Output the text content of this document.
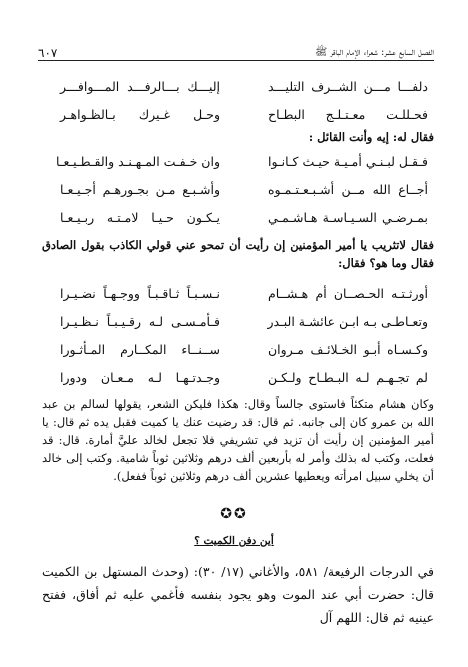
الفصل السابع عشر: شعراء الإمام الباقر ﷺ
٦٠٧
دلفـــا مـــن الشــرف التليـــد
إليـــك بـــالرفـــد المـــوافـــر
فحـللـت معـتـلـج البطـاح
وحـل غـيرك بـالظـواهـر

فقال له: إيه وأنت القائل :

فـقـل لبـنـي أمـيـة حيـث كـانـوا
وان خـفـت المـهـنـد والقـطـيـعـا
أجــاع الله مــن أشـبـعـتـمـوه
وأشـبـع مـن بجـورهـم أجـيـعـا
بمـرضـي السـيـاسـة هـاشـمـي
يـكـون حـيـا لامـتـه ربـيـعـا

فقال لاتثريب يا أمير المؤمنين إن رأيت أن تمحو عني قولي الكاذب بقول الصادق فقال وما هو؟ فقال:

أورثـتـه الحـصــان أم هـشــام
نـسـبـاً ثـاقـبـاً ووجـهـاً نضـيـرا
وتعـاطـى بـه ابـن عائشـة البـدر
فـأمـسـى لـه رقـيـبـاً نـظـيـرا
وكـسـاه أبـو الخـلائـف مـروان
ســنــاء المكــارم المـأثـورا
لم تجـهـم لـه البـطـاح ولـكـن
وجـدتـهـا لـه مـعـان ودورا

وكان هشام متكئاً فاستوى جالساً وقال: هكذا فليكن الشعر، يقولها لسالم بن عبد الله بن عمرو كان إلى جانبه. ثم قال: قد رضيت عنك يا كميت فقبل يده ثم قال: يا أمير المؤمنين إن رأيت أن تزيد في تشريفي فلا تجعل لخالد عليَّ أمارة. قال: قد فعلت، وكتب له بذلك وأمر له بأربعين ألف درهم وثلاثين ثوباً شامية. وكتب إلى خالد أن يخلي سبيل امرأته ويعطيها عشرين ألف درهم وثلاثين ثوباً ففعل).

✪✪
أين دفن الكميت ؟

في الدرجات الرفيعة/ ٥٨١، والأغاني (١٧/ ٣٠): (وحدث المستهل بن الكميت قال: حضرت أبي عند الموت وهو يجود بنفسه فأغمي عليه ثم أفاق، ففتح عينيه ثم قال: اللهم آل
